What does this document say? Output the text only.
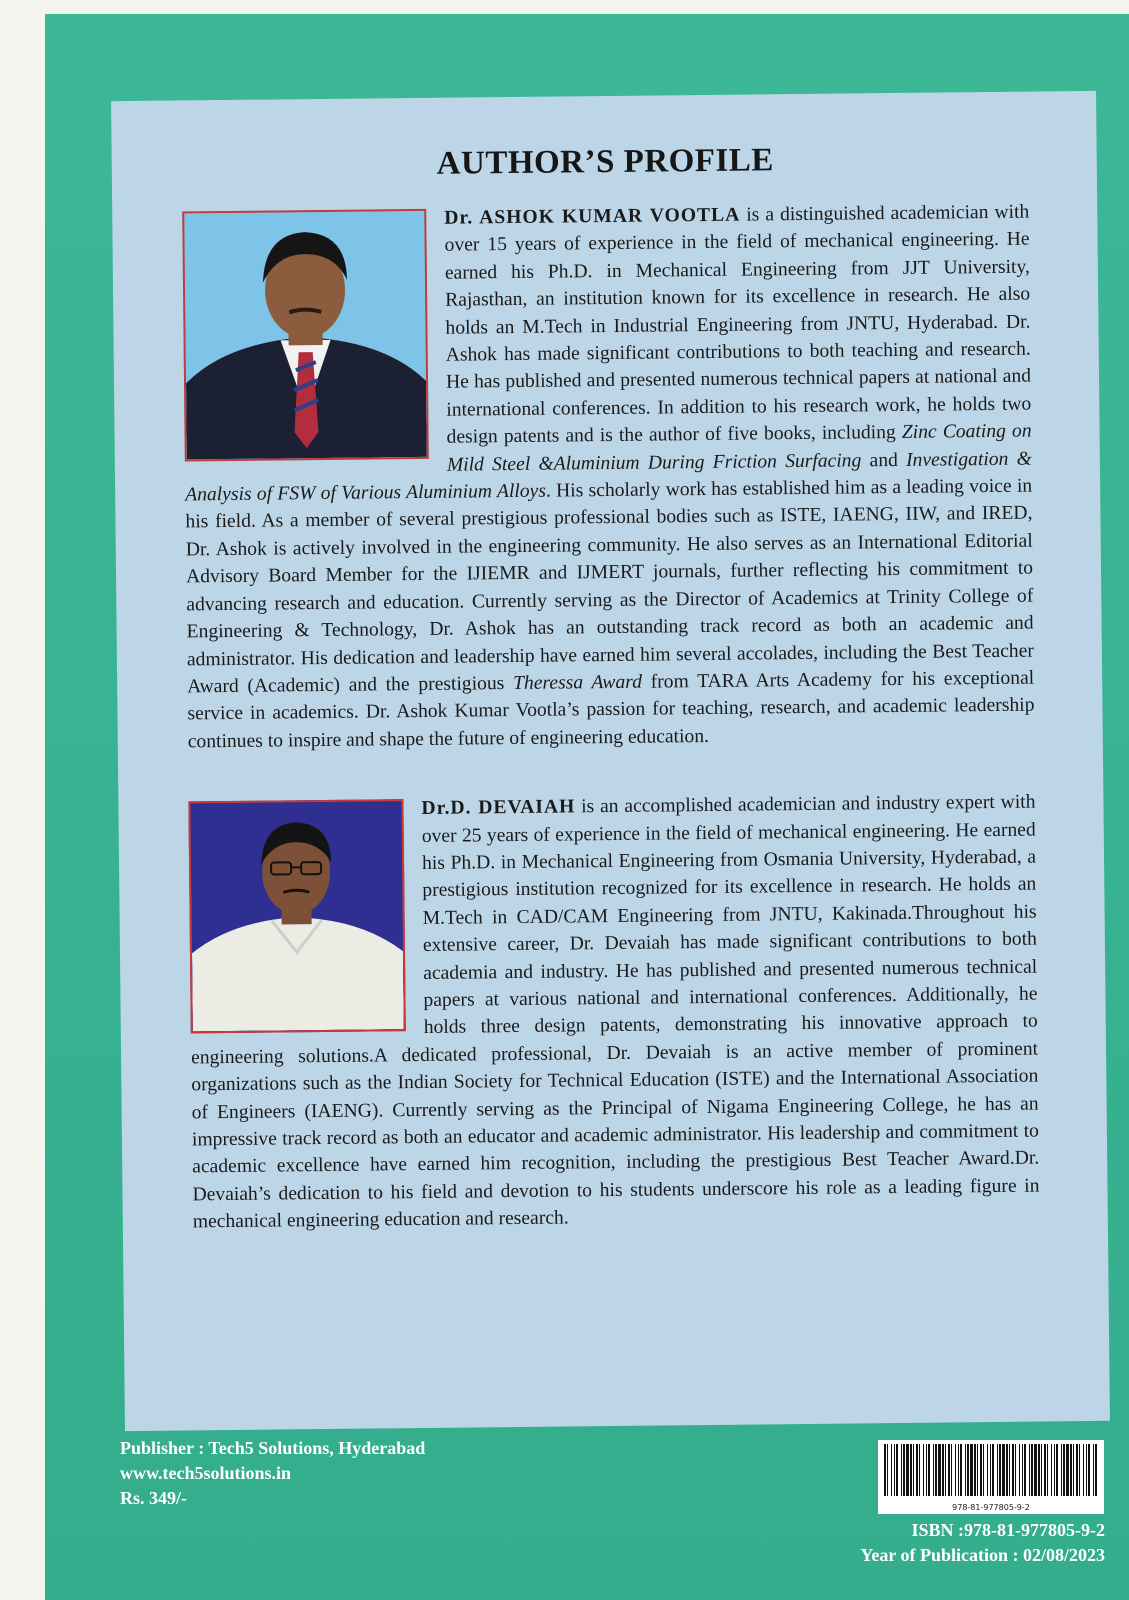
AUTHOR’S PROFILE

Dr. ASHOK KUMAR VOOTLA is a distinguished academician with over 15 years of experience in the field of mechanical engineering. He earned his Ph.D. in Mechanical Engineering from JJT University, Rajasthan, an institution known for its excellence in research. He also holds an M.Tech in Industrial Engineering from JNTU, Hyderabad. Dr. Ashok has made significant contributions to both teaching and research. He has published and presented numerous technical papers at national and international conferences. In addition to his research work, he holds two design patents and is the author of five books, including Zinc Coating on Mild Steel &Aluminium During Friction Surfacing and Investigation & Analysis of FSW of Various Aluminium Alloys. His scholarly work has established him as a leading voice in his field. As a member of several prestigious professional bodies such as ISTE, IAENG, IIW, and IRED, Dr. Ashok is actively involved in the engineering community. He also serves as an International Editorial Advisory Board Member for the IJIEMR and IJMERT journals, further reflecting his commitment to advancing research and education. Currently serving as the Director of Academics at Trinity College of Engineering & Technology, Dr. Ashok has an outstanding track record as both an academic and administrator. His dedication and leadership have earned him several accolades, including the Best Teacher Award (Academic) and the prestigious Theressa Award from TARA Arts Academy for his exceptional service in academics. Dr. Ashok Kumar Vootla’s passion for teaching, research, and academic leadership continues to inspire and shape the future of engineering education.

Dr.D. DEVAIAH is an accomplished academician and industry expert with over 25 years of experience in the field of mechanical engineering. He earned his Ph.D. in Mechanical Engineering from Osmania University, Hyderabad, a prestigious institution recognized for its excellence in research. He holds an M.Tech in CAD/CAM Engineering from JNTU, Kakinada.Throughout his extensive career, Dr. Devaiah has made significant contributions to both academia and industry. He has published and presented numerous technical papers at various national and international conferences. Additionally, he holds three design patents, demonstrating his innovative approach to engineering solutions.A dedicated professional, Dr. Devaiah is an active member of prominent organizations such as the Indian Society for Technical Education (ISTE) and the International Association of Engineers (IAENG). Currently serving as the Principal of Nigama Engineering College, he has an impressive track record as both an educator and academic administrator. His leadership and commitment to academic excellence have earned him recognition, including the prestigious Best Teacher Award.Dr. Devaiah’s dedication to his field and devotion to his students underscore his role as a leading figure in mechanical engineering education and research.

Publisher : Tech5 Solutions, Hyderabad
www.tech5solutions.in
Rs. 349/-	978-81-977805-9-2
ISBN :978-81-977805-9-2
Year of Publication : 02/08/2023
